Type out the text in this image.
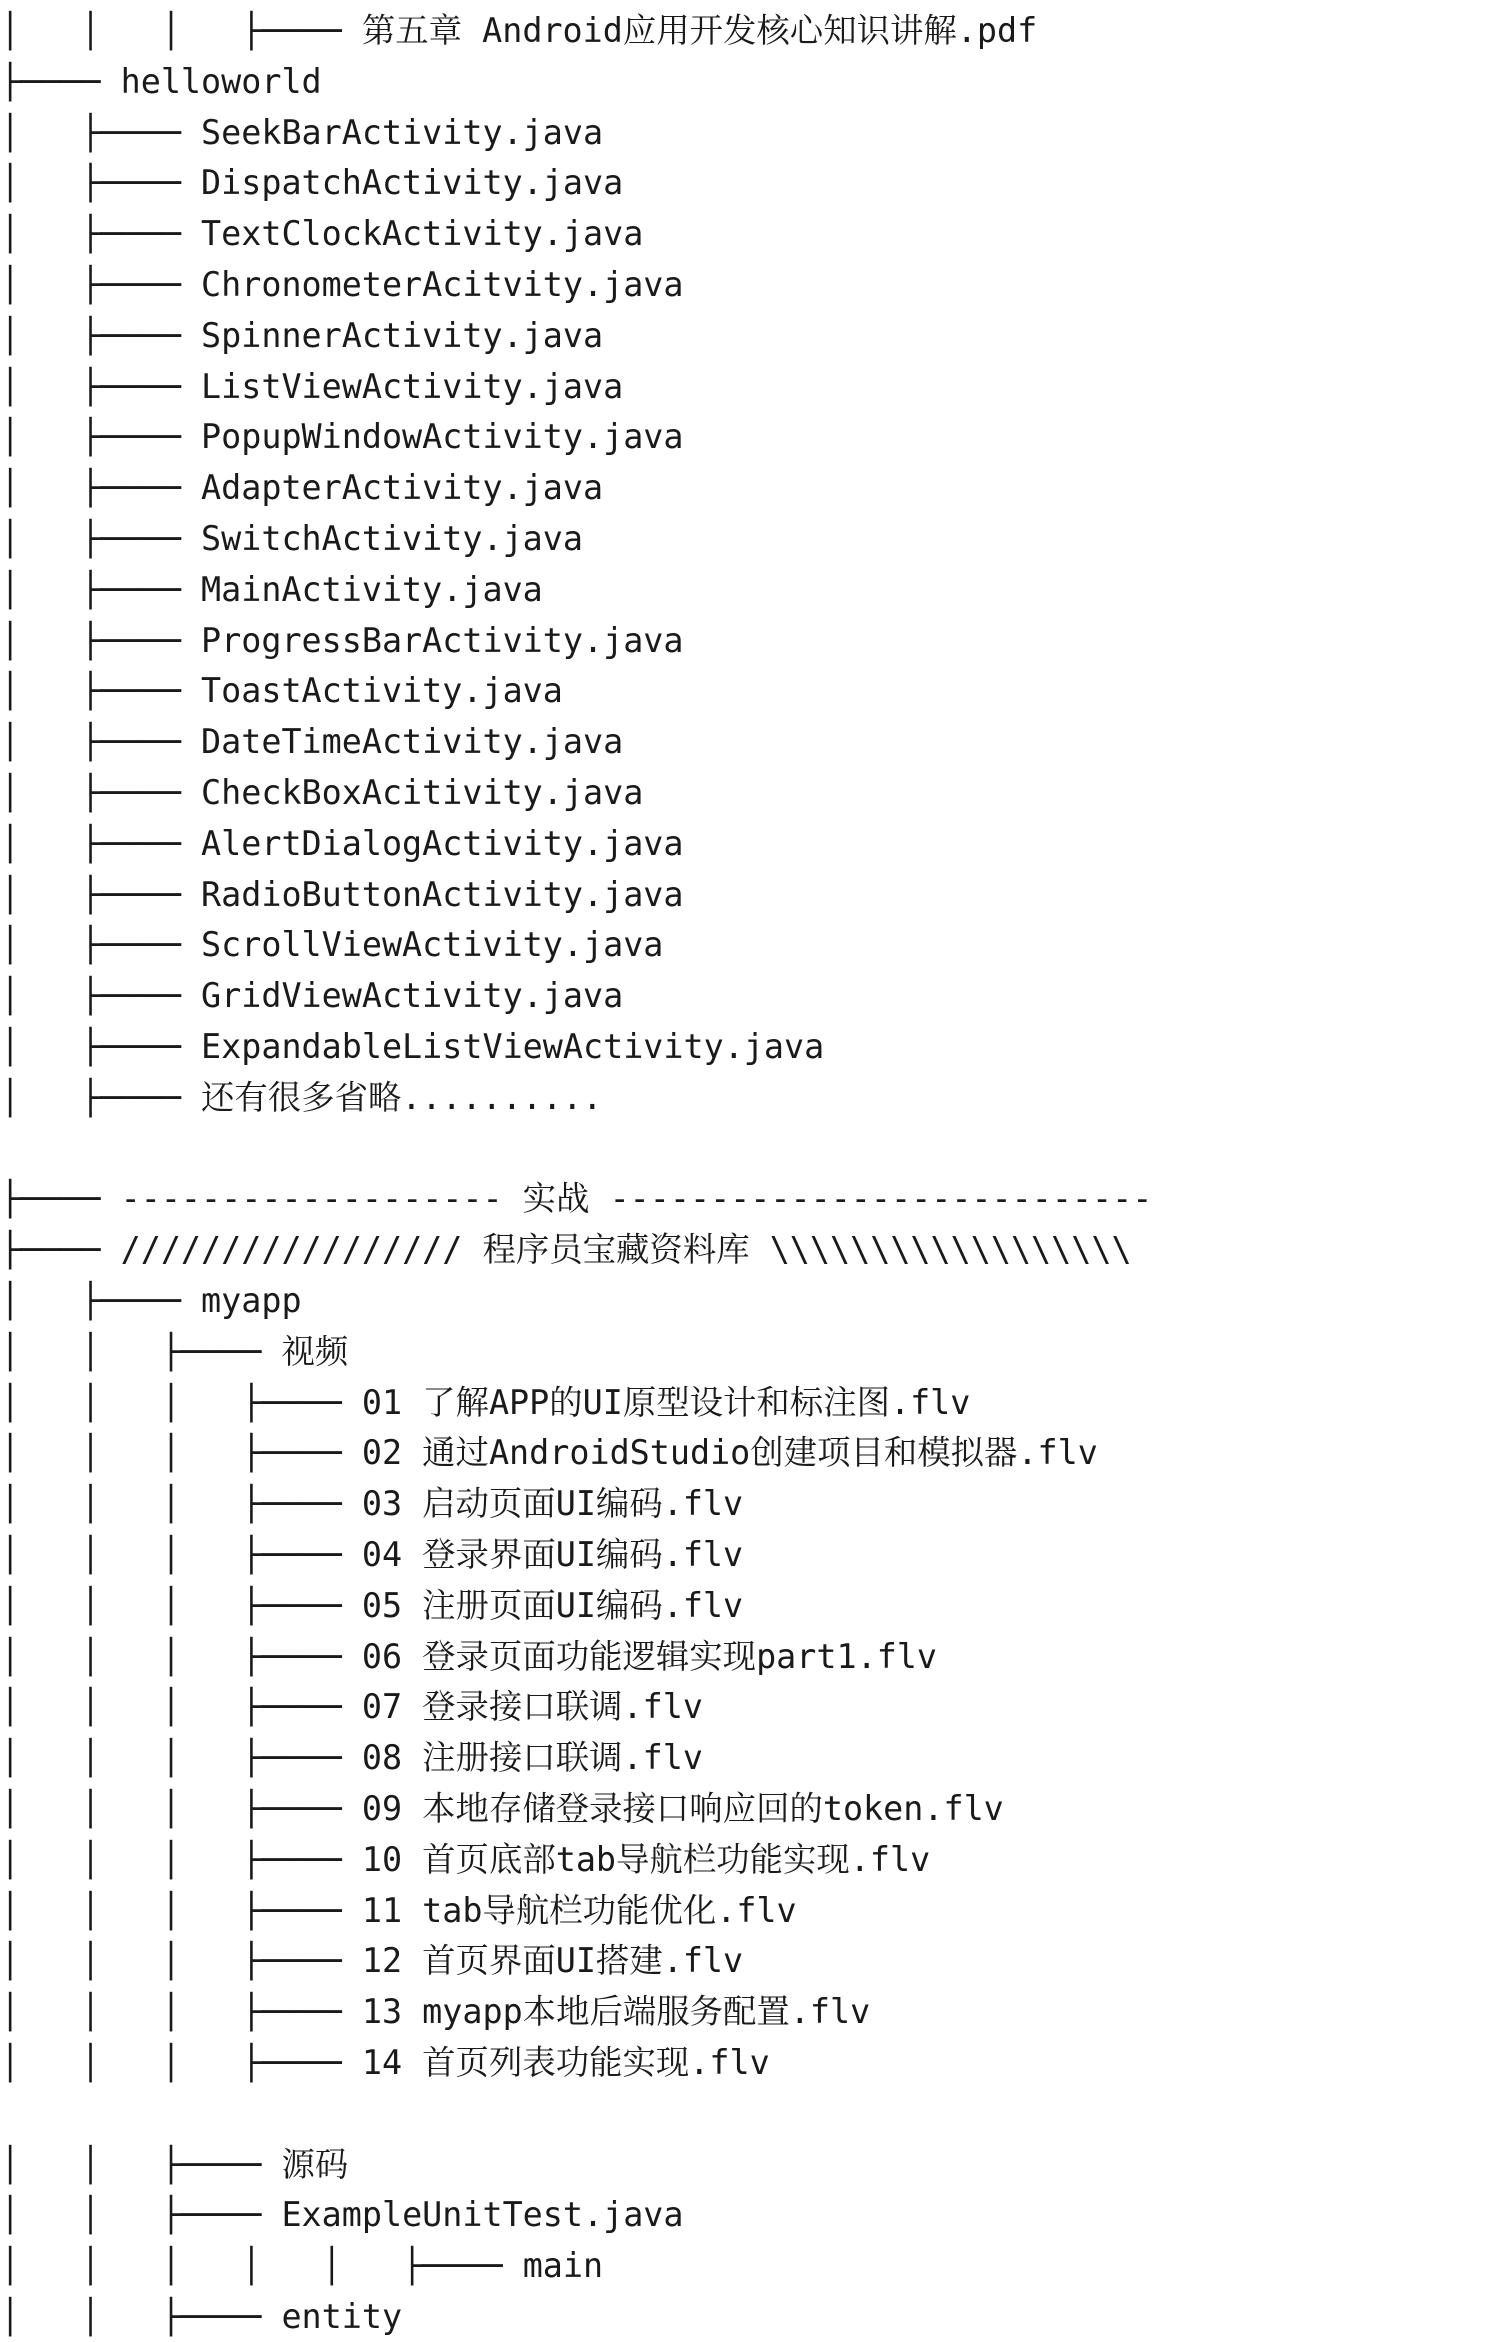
│   │   │   ├──── 第五章 Android应用开发核心知识讲解.pdf
├──── helloworld
│   ├──── SeekBarActivity.java
│   ├──── DispatchActivity.java
│   ├──── TextClockActivity.java
│   ├──── ChronometerAcitvity.java
│   ├──── SpinnerActivity.java
│   ├──── ListViewActivity.java
│   ├──── PopupWindowActivity.java
│   ├──── AdapterActivity.java
│   ├──── SwitchActivity.java
│   ├──── MainActivity.java
│   ├──── ProgressBarActivity.java
│   ├──── ToastActivity.java
│   ├──── DateTimeActivity.java
│   ├──── CheckBoxAcitivity.java
│   ├──── AlertDialogActivity.java
│   ├──── RadioButtonActivity.java
│   ├──── ScrollViewActivity.java
│   ├──── GridViewActivity.java
│   ├──── ExpandableListViewActivity.java
│   ├──── 还有很多省略..........
├──── ------------------- 实战 ---------------------------
├──── ///////////////// 程序员宝藏资料库 \\\\\\\\\\\\\\\\\\
│   ├──── myapp
│   │   ├──── 视频
│   │   │   ├──── 01 了解APP的UI原型设计和标注图.flv
│   │   │   ├──── 02 通过AndroidStudio创建项目和模拟器.flv
│   │   │   ├──── 03 启动页面UI编码.flv
│   │   │   ├──── 04 登录界面UI编码.flv
│   │   │   ├──── 05 注册页面UI编码.flv
│   │   │   ├──── 06 登录页面功能逻辑实现part1.flv
│   │   │   ├──── 07 登录接口联调.flv
│   │   │   ├──── 08 注册接口联调.flv
│   │   │   ├──── 09 本地存储登录接口响应回的token.flv
│   │   │   ├──── 10 首页底部tab导航栏功能实现.flv
│   │   │   ├──── 11 tab导航栏功能优化.flv
│   │   │   ├──── 12 首页界面UI搭建.flv
│   │   │   ├──── 13 myapp本地后端服务配置.flv
│   │   │   ├──── 14 首页列表功能实现.flv
│   │   ├──── 源码
│   │   ├──── ExampleUnitTest.java
│   │   │   │   │   ├──── main
│   │   ├──── entity
